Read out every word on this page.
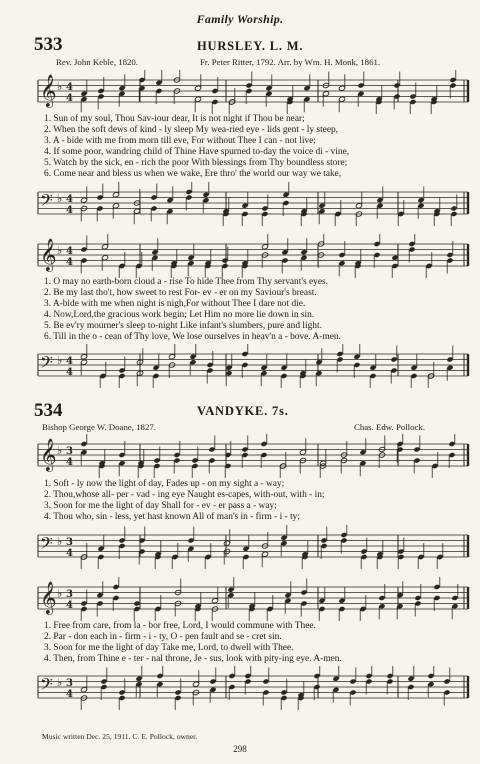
Family Worship.
533	HURSLEY. L. M.
Rev. John Keble, 1820.	Fr. Peter Ritter, 1792. Arr. by Wm. H. Monk, 1861.
𝄞 ♭ 4
4
1. Sun of my soul, Thou Sav-iour dear, It is not night if Thou be near;
2. When the soft dews of kind - ly sleep My wea-ried eye - lids gent - ly steep,
3. A - bide with me from morn till eve, For without Thee I can - not live;
4. If some poor, wandring child of Thine Have spurned to-day the voice di - vine,
5. Watch by the sick, en - rich the poor With blessings from Thy boundless store;
6. Come near and bless us when we wake, Ere thro' the world our way we take,
𝄢 ♭ 4
4
𝄞 ♭ 4
4
1. O may no earth-born cloud a - rise To hide Thee from Thy servant's eyes.
2. Be my last tho't, how sweet to rest For- ev - er on my Saviour's breast.
3. A-bide with me when night is nigh,For without Thee I dare not die.
4. Now,Lord,the gracious work begin; Let Him no more lie down in sin.
5. Be ev'ry mourner's sleep to-night Like infant's slumbers, pure and light.
6. Till in the o - cean of Thy love, We lose ourselves in heav'n a - bove. A-men.
𝄢 ♭ 4
4
534	VANDYKE. 7s.
Bishop George W. Doane, 1827.	Chas. Edw. Pollock.
𝄞 ♭ 3
4
1. Soft - ly now the light of day, Fades up - on my sight a - way;
2. Thou,whose all- per - vad - ing eye Naught es-capes, with-out, with - in;
3. Soon for me the light of day Shall for - ev - er pass a - way;
4. Thou who, sin - less, yet hast known All of man's in - firm - i - ty;
𝄢 ♭ 3
4
𝄞 ♭ 3
4
1. Free from care, from la - bor free, Lord, I would commune with Thee.
2. Par - don each in - firm - i - ty, O - pen fault and se - cret sin.
3. Soon for me the light of day Take me, Lord, to dwell with Thee.
4. Then, from Thine e - ter - nal throne, Je - sus, look with pity-ing eye. A-men.
𝄢 ♭ 3
4
Music written Dec. 25, 1911. C. E. Pollock, owner.
298
